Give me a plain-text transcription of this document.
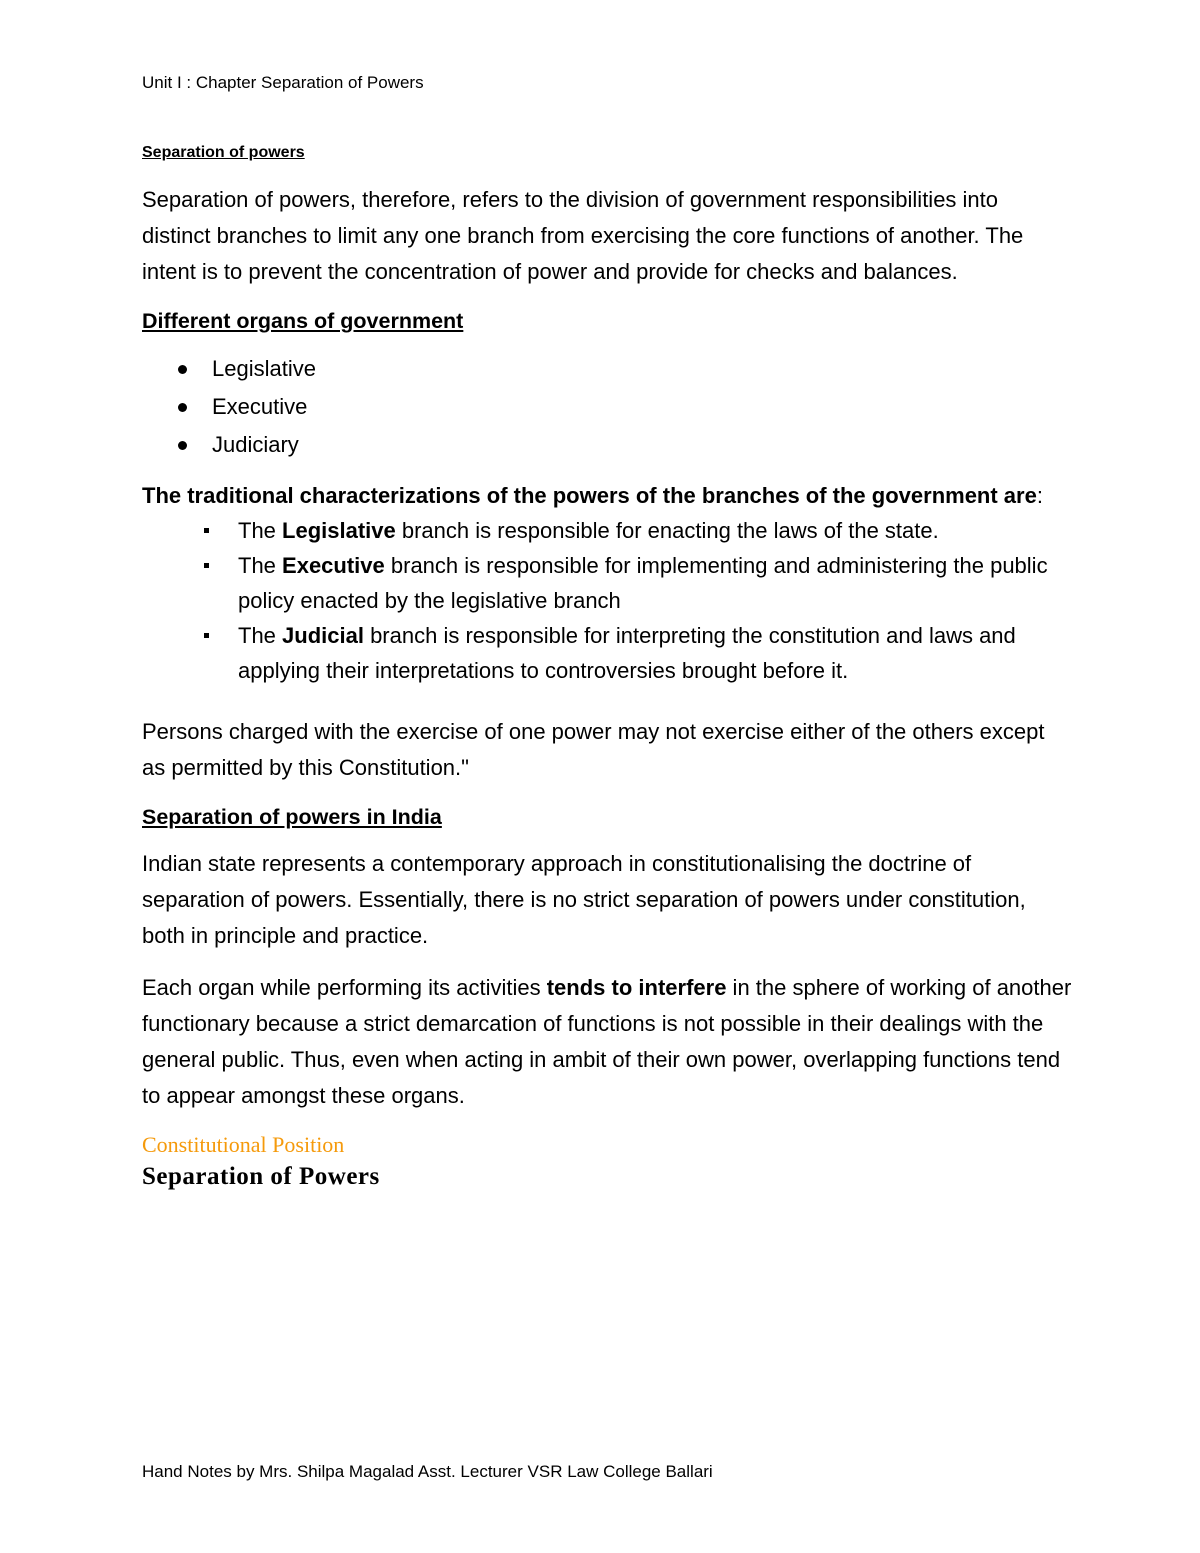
Unit I : Chapter Separation of Powers

Separation of powers

Separation of powers, therefore, refers to the division of government responsibilities into distinct branches to limit any one branch from exercising the core functions of another. The intent is to prevent the concentration of power and provide for checks and balances.

Different organs of government

Legislative
Executive
Judiciary

The traditional characterizations of the powers of the branches of the government are:

The Legislative branch is responsible for enacting the laws of the state.
The Executive branch is responsible for implementing and administering the public policy enacted by the legislative branch
The Judicial branch is responsible for interpreting the constitution and laws and applying their interpretations to controversies brought before it.

Persons charged with the exercise of one power may not exercise either of the others except as permitted by this Constitution."

Separation of powers in India

Indian state represents a contemporary approach in constitutionalising the doctrine of separation of powers. Essentially, there is no strict separation of powers under constitution, both in principle and practice.

Each organ while performing its activities tends to interfere in the sphere of working of another functionary because a strict demarcation of functions is not possible in their dealings with the general public. Thus, even when acting in ambit of their own power, overlapping functions tend to appear amongst these organs.

Constitutional Position

Separation of Powers

Hand Notes by Mrs. Shilpa Magalad Asst. Lecturer VSR Law College Ballari
